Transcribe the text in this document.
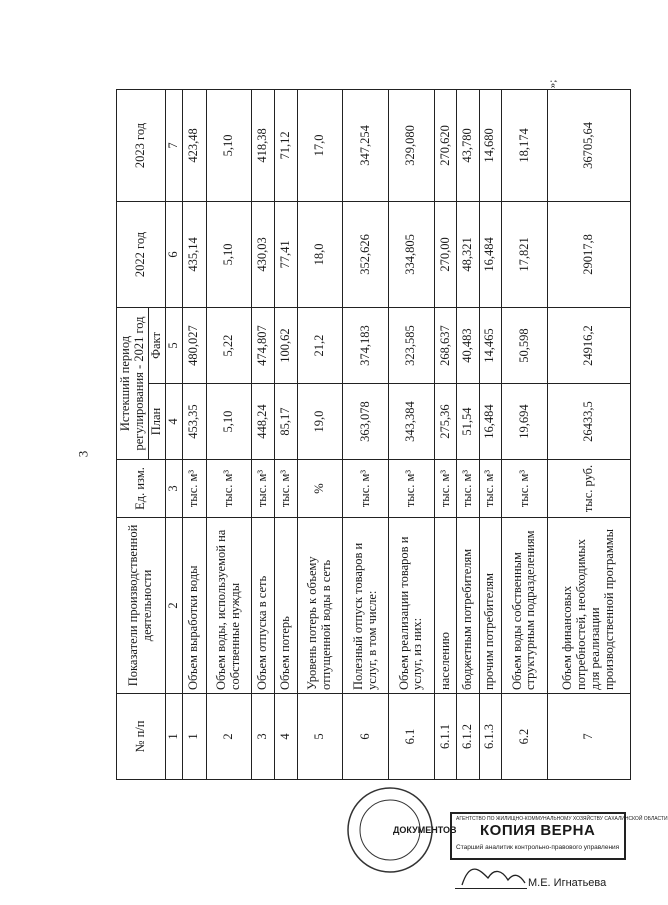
3
»;
№ п/п	Показатели производственной деятельности	Ед. изм.	Истекший период регулирования - 2021 год		2022 год	2023 год
			План	Факт		
1	2	3	4	5	6	7
1	Объем выработки воды	тыс. м³	453,35	480,027	435,14	423,48
2	Объем воды, используемой на собственные нужды	тыс. м³	5,10	5,22	5,10	5,10
3	Объем отпуска в сеть	тыс. м³	448,24	474,807	430,03	418,38
4	Объем потерь	тыс. м³	85,17	100,62	77,41	71,12
5	Уровень потерь к объему отпущенной воды в сеть	%	19,0	21,2	18,0	17,0
6	Полезный отпуск товаров и услуг, в том числе:	тыс. м³	363,078	374,183	352,626	347,254
6.1	Объем реализации товаров и услуг, из них:	тыс. м³	343,384	323,585	334,805	329,080
6.1.1	населению	тыс. м³	275,36	268,637	270,00	270,620
6.1.2	бюджетным потребителям	тыс. м³	51,54	40,483	48,321	43,780
6.1.3	прочим потребителям	тыс. м³	16,484	14,465	16,484	14,680
6.2	Объем воды собственным структурным подразделениям	тыс. м³	19,694	50,598	17,821	18,174
7	Объем финансовых потребностей, необходимых для реализации производственной программы	тыс. руб.	26433,5	24916,2	29017,8	36705,64
ДОКУМЕНТОВ
АГЕНТСТВО ПО ЖИЛИЩНО-КОММУНАЛЬНОМУ ХОЗЯЙСТВУ САХАЛИНСКОЙ ОБЛАСТИ
КОПИЯ ВЕРНА
Старший аналитик контрольно-правового управления
М.Е. Игнатьева
